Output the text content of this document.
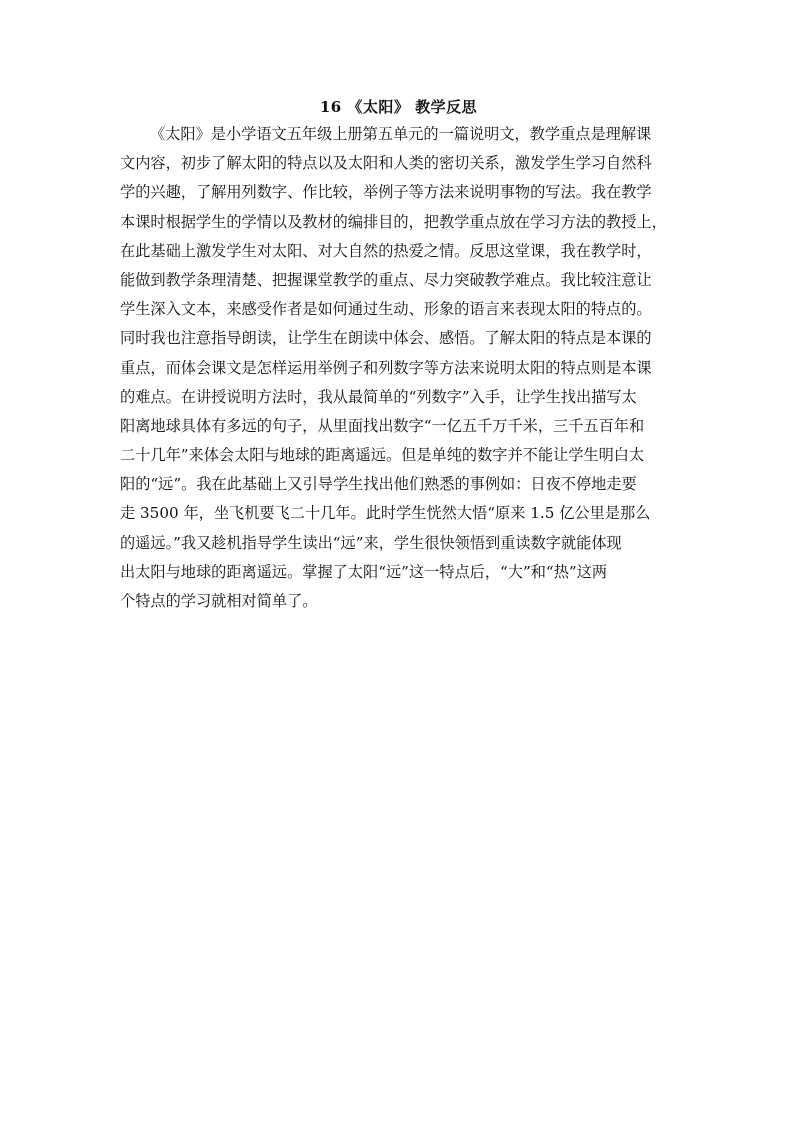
16 《太阳》 教学反思
《太阳》是小学语文五年级上册第五单元的一篇说明文，教学重点是理解课
文内容，初步了解太阳的特点以及太阳和人类的密切关系，激发学生学习自然科
学的兴趣，了解用列数字、作比较，举例子等方法来说明事物的写法。我在教学
本课时根据学生的学情以及教材的编排目的，把教学重点放在学习方法的教授上，
在此基础上激发学生对太阳、对大自然的热爱之情。反思这堂课，我在教学时，
能做到教学条理清楚、把握课堂教学的重点、尽力突破教学难点。我比较注意让
学生深入文本，来感受作者是如何通过生动、形象的语言来表现太阳的特点的。
同时我也注意指导朗读，让学生在朗读中体会、感悟。了解太阳的特点是本课的
重点，而体会课文是怎样运用举例子和列数字等方法来说明太阳的特点则是本课
的难点。在讲授说明方法时，我从最简单的“列数字”入手，让学生找出描写太
阳离地球具体有多远的句子，从里面找出数字“一亿五千万千米，三千五百年和
二十几年”来体会太阳与地球的距离遥远。但是单纯的数字并不能让学生明白太
阳的“远”。我在此基础上又引导学生找出他们熟悉的事例如：日夜不停地走要
走 3500 年，坐飞机要飞二十几年。此时学生恍然大悟“原来 1.5 亿公里是那么
的遥远。”我又趁机指导学生读出“远”来，学生很快领悟到重读数字就能体现
出太阳与地球的距离遥远。掌握了太阳“远”这一特点后，“大”和“热”这两
个特点的学习就相对简单了。
